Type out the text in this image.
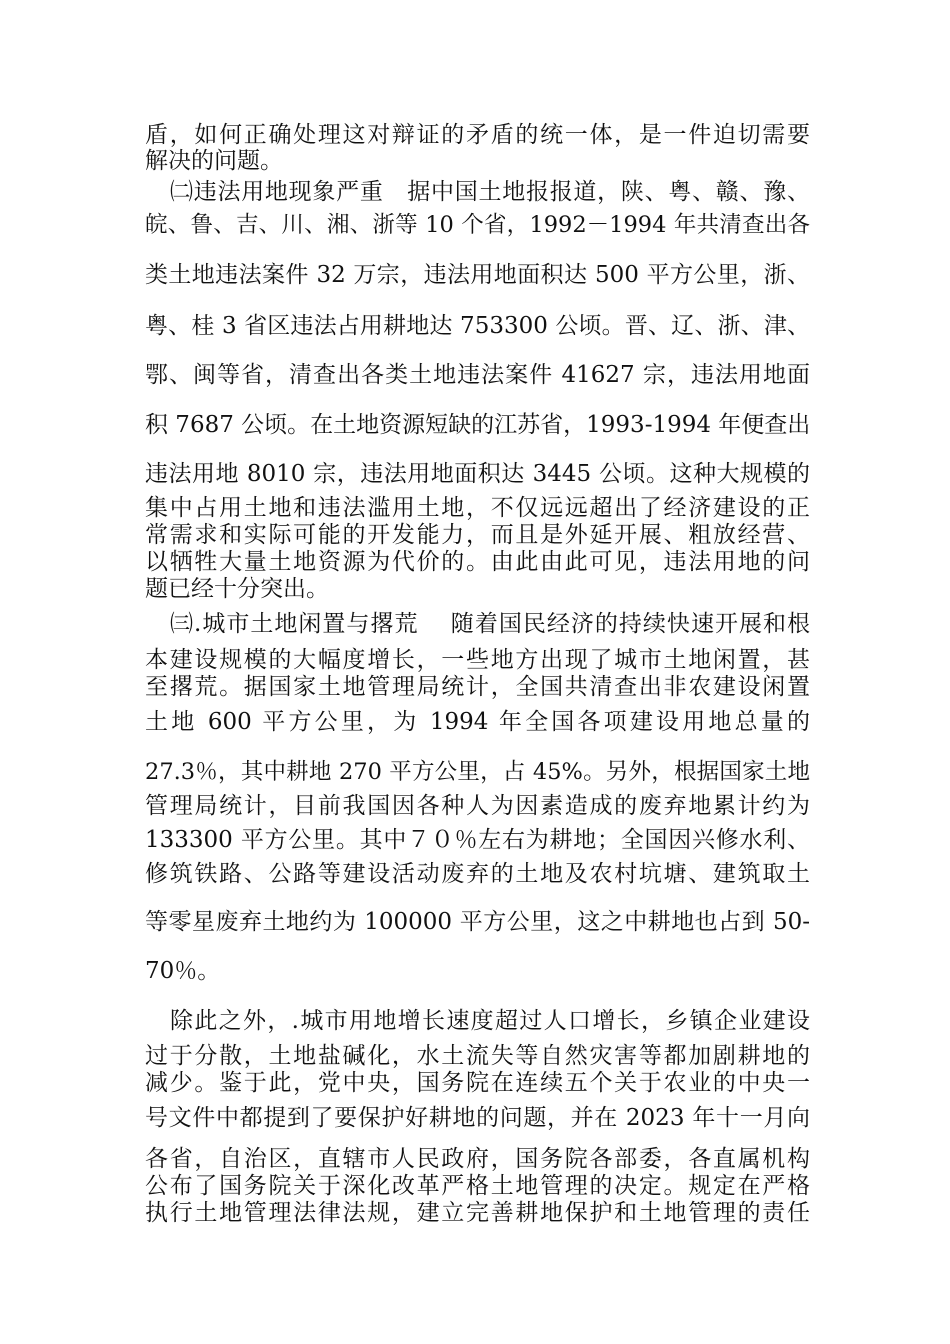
盾，如何正确处理这对辩证的矛盾的统一体，是一件迫切需要

解决的问题。

㈡违法用地现象严重　据中国土地报报道，陕、粤、赣、豫、

皖、鲁、吉、川、湘、浙等 10 个省，1992－1994 年共清查出各

类土地违法案件 32 万宗，违法用地面积达 500 平方公里，浙、

粤、桂 3 省区违法占用耕地达 753300 公顷。晋、辽、浙、津、

鄂、闽等省，清查出各类土地违法案件 41627 宗，违法用地面

积 7687 公顷。在土地资源短缺的江苏省，1993-1994 年便查出

违法用地 8010 宗，违法用地面积达 3445 公顷。这种大规模的

集中占用土地和违法滥用土地，不仅远远超出了经济建设的正

常需求和实际可能的开发能力，而且是外延开展、粗放经营、

以牺牲大量土地资源为代价的。由此由此可见，违法用地的问

题已经十分突出。

㈢.城市土地闲置与撂荒　 随着国民经济的持续快速开展和根

本建设规模的大幅度增长，一些地方出现了城市土地闲置，甚

至撂荒。据国家土地管理局统计，全国共清查出非农建设闲置

土地 600 平方公里，为 1994 年全国各项建设用地总量的

27.3％，其中耕地 270 平方公里，占 45%。另外，根据国家土地

管理局统计，目前我国因各种人为因素造成的废弃地累计约为

133300 平方公里。其中７０％左右为耕地；全国因兴修水利、

修筑铁路、公路等建设活动废弃的土地及农村坑塘、建筑取土

等零星废弃土地约为 100000 平方公里，这之中耕地也占到 50-

70％。

除此之外，.城市用地增长速度超过人口增长，乡镇企业建设

过于分散，土地盐碱化，水土流失等自然灾害等都加剧耕地的

减少。鉴于此，党中央，国务院在连续五个关于农业的中央一

号文件中都提到了要保护好耕地的问题，并在 2023 年十一月向

各省，自治区，直辖市人民政府，国务院各部委，各直属机构

公布了国务院关于深化改革严格土地管理的决定。规定在严格

执行土地管理法律法规，建立完善耕地保护和土地管理的责任
